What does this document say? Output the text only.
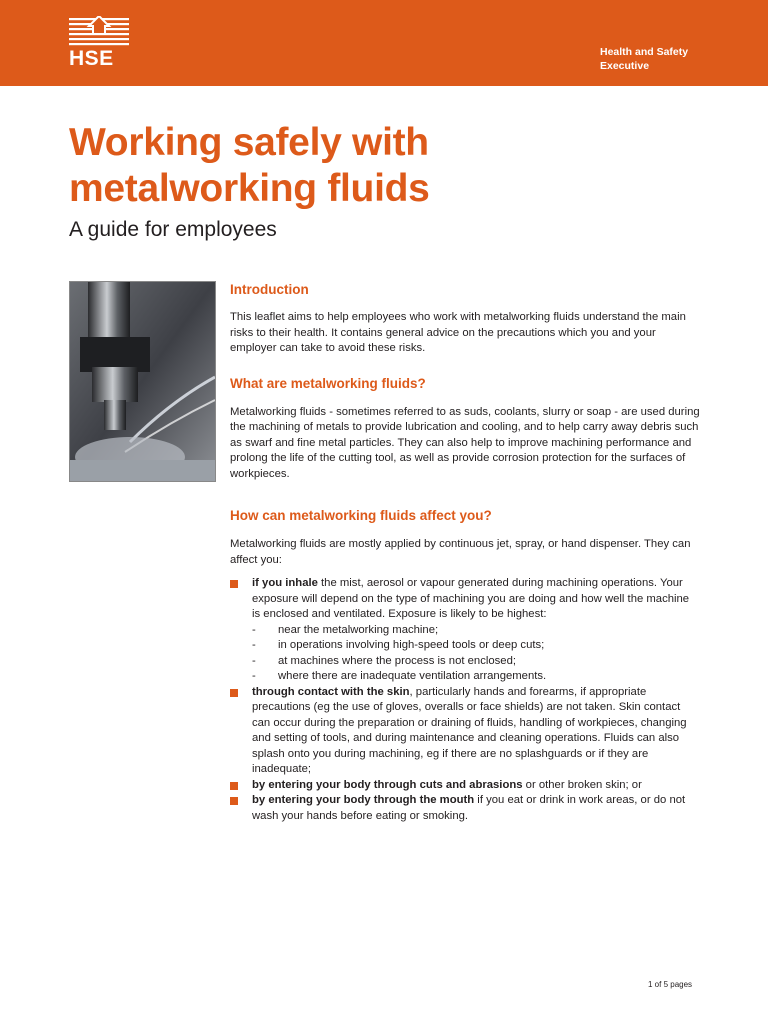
HSE	Health and Safety
Executive
Working safely with
metalworking fluids
A guide for employees
Introduction

This leaflet aims to help employees who work with metalworking fluids understand the main risks to their health. It contains general advice on the precautions which you and your employer can take to avoid these risks.

What are metalworking fluids?

Metalworking fluids - sometimes referred to as suds, coolants, slurry or soap - are used during the machining of metals to provide lubrication and cooling, and to help carry away debris such as swarf and fine metal particles. They can also help to improve machining performance and prolong the life of the cutting tool, as well as provide corrosion protection for the surfaces of workpieces.

How can metalworking fluids affect you?

Metalworking fluids are mostly applied by continuous jet, spray, or hand dispenser. They can affect you:

if you inhale the mist, aerosol or vapour generated during machining operations. Your exposure will depend on the type of machining you are doing and how well the machine is enclosed and ventilated. Exposure is likely to be highest:
- near the metalworking machine;
- in operations involving high-speed tools or deep cuts;
- at machines where the process is not enclosed;
- where there are inadequate ventilation arrangements.
through contact with the skin, particularly hands and forearms, if appropriate precautions (eg the use of gloves, overalls or face shields) are not taken. Skin contact can occur during the preparation or draining of fluids, handling of workpieces, changing and setting of tools, and during maintenance and cleaning operations. Fluids can also splash onto you during machining, eg if there are no splashguards or if they are inadequate;
by entering your body through cuts and abrasions or other broken skin; or
by entering your body through the mouth if you eat or drink in work areas, or do not wash your hands before eating or smoking.
1 of 5 pages
